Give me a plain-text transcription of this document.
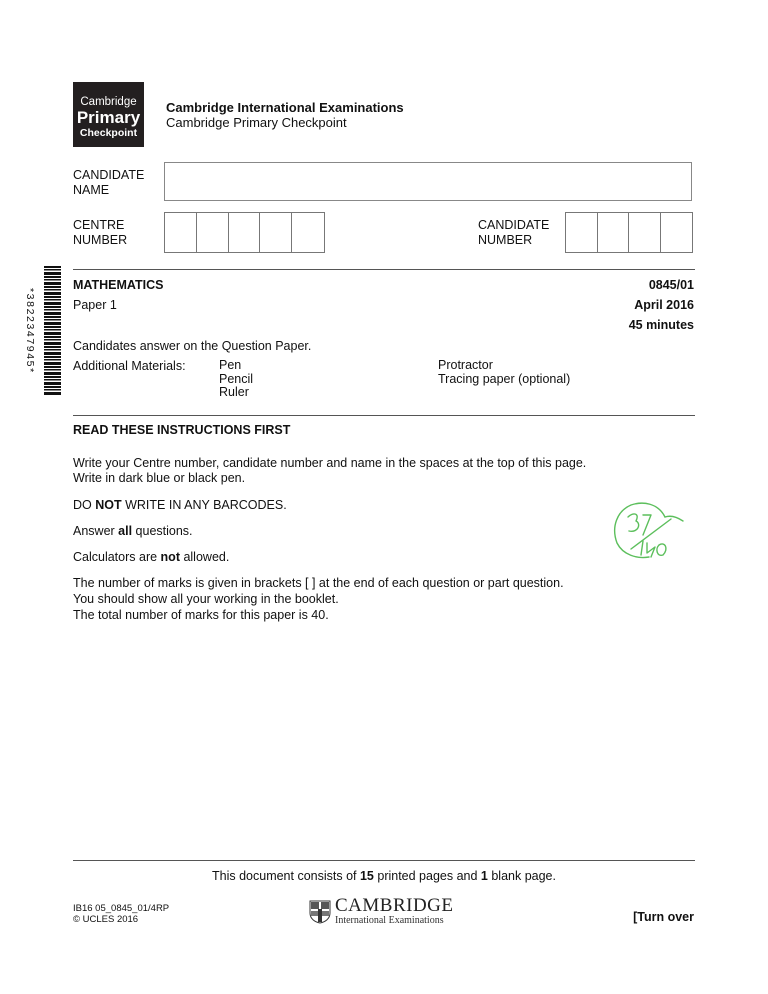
Cambridge
Primary
Checkpoint
Cambridge International Examinations
Cambridge Primary Checkpoint
CANDIDATE
NAME
CENTRE
NUMBER
CANDIDATE
NUMBER
*3822347945*
MATHEMATICS
Paper 1
0845/01
April 2016
45 minutes
Candidates answer on the Question Paper.
Additional Materials:	Pen
Pencil
Ruler
Protractor
Tracing paper (optional)
READ THESE INSTRUCTIONS FIRST
Write your Centre number, candidate number and name in the spaces at the top of this page.
Write in dark blue or black pen.
DO NOT WRITE IN ANY BARCODES.
Answer all questions.
Calculators are not allowed.
The number of marks is given in brackets [ ] at the end of each question or part question.
You should show all your working in the booklet.
The total number of marks for this paper is 40.
37
This document consists of 15 printed pages and 1 blank page.
IB16 05_0845_01/4RP
© UCLES 2016
CAMBRIDGE
International Examinations	[Turn over
